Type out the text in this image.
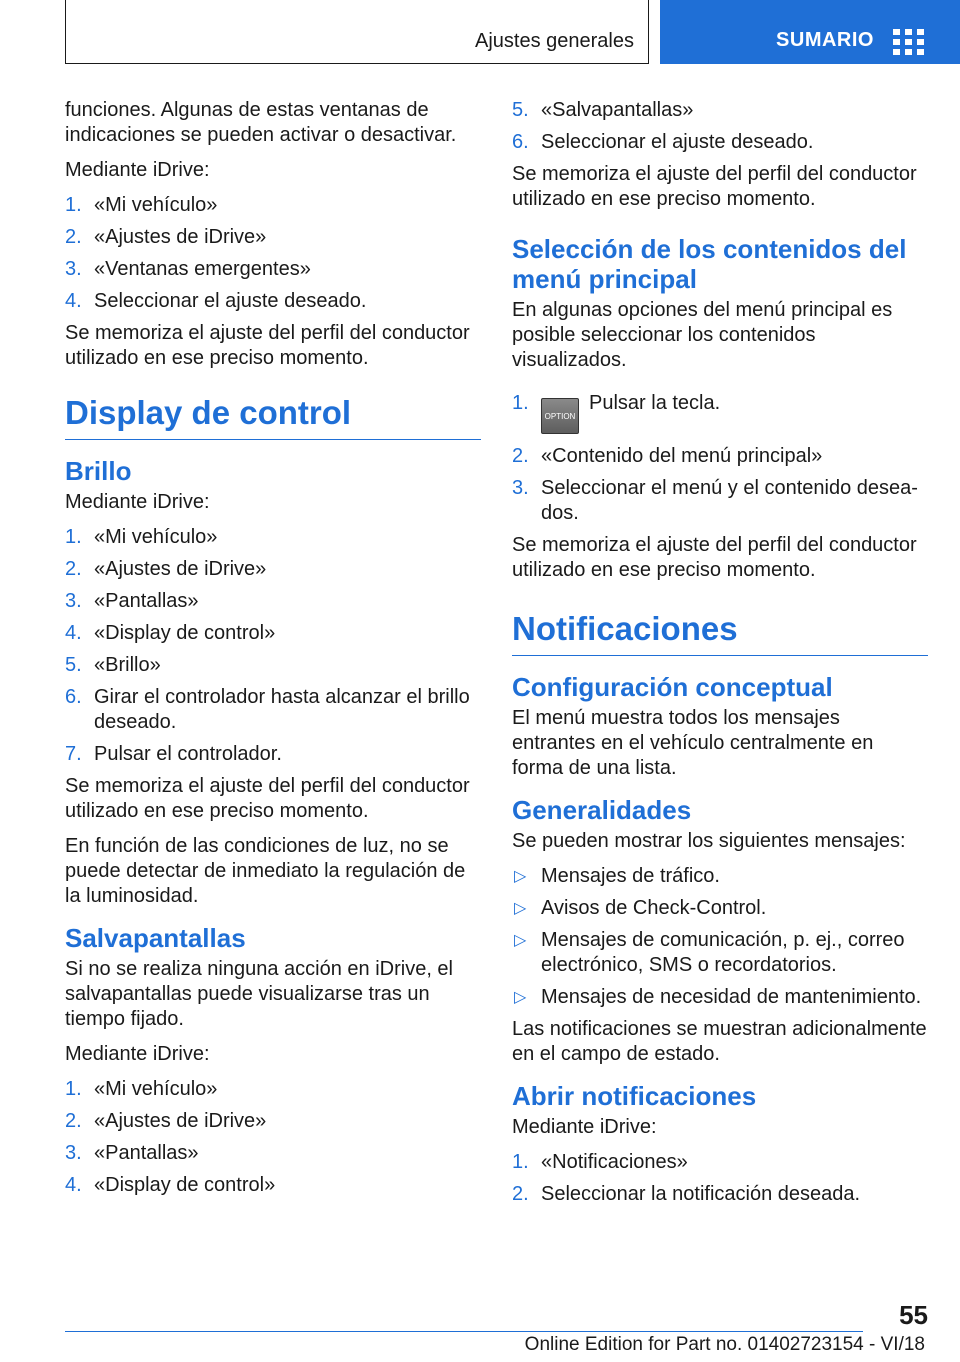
Ajustes generales	SUMARIO

funciones. Algunas de estas ventanas de indicaciones se pueden activar o desactivar.

Mediante iDrive:

1. «Mi vehículo»
2. «Ajustes de iDrive»
3. «Ventanas emergentes»
4. Seleccionar el ajuste deseado.

Se memoriza el ajuste del perfil del conductor utilizado en ese preciso momento.

Display de control
Brillo

Mediante iDrive:

1. «Mi vehículo»
2. «Ajustes de iDrive»
3. «Pantallas»
4. «Display de control»
5. «Brillo»
6. Girar el controlador hasta alcanzar el brillo deseado.
7. Pulsar el controlador.

Se memoriza el ajuste del perfil del conductor utilizado en ese preciso momento.

En función de las condiciones de luz, no se puede detectar de inmediato la regulación de la luminosidad.

Salvapantallas

Si no se realiza ninguna acción en iDrive, el salvapantallas puede visualizarse tras un tiempo fijado.

Mediante iDrive:

1. «Mi vehículo»
2. «Ajustes de iDrive»
3. «Pantallas»
4. «Display de control»
5. «Salvapantallas»
6. Seleccionar el ajuste deseado.

Se memoriza el ajuste del perfil del conductor utilizado en ese preciso momento.

Selección de los contenidos del menú principal

En algunas opciones del menú principal es posible seleccionar los contenidos visualizados.

1.
OPTIONPulsar la tecla.
2. «Contenido del menú principal»
3. Seleccionar el menú y el contenido deseados.

Se memoriza el ajuste del perfil del conductor utilizado en ese preciso momento.

Notificaciones
Configuración conceptual

El menú muestra todos los mensajes entrantes en el vehículo centralmente en forma de una lista.

Generalidades

Se pueden mostrar los siguientes mensajes:

▷ Mensajes de tráfico.
▷ Avisos de Check-Control.
▷ Mensajes de comunicación, p. ej., correo electrónico, SMS o recordatorios.
▷ Mensajes de necesidad de mantenimiento.

Las notificaciones se muestran adicionalmente en el campo de estado.

Abrir notificaciones

Mediante iDrive:

1. «Notificaciones»
2. Seleccionar la notificación deseada.
55
Online Edition for Part no. 01402723154 - VI/18
